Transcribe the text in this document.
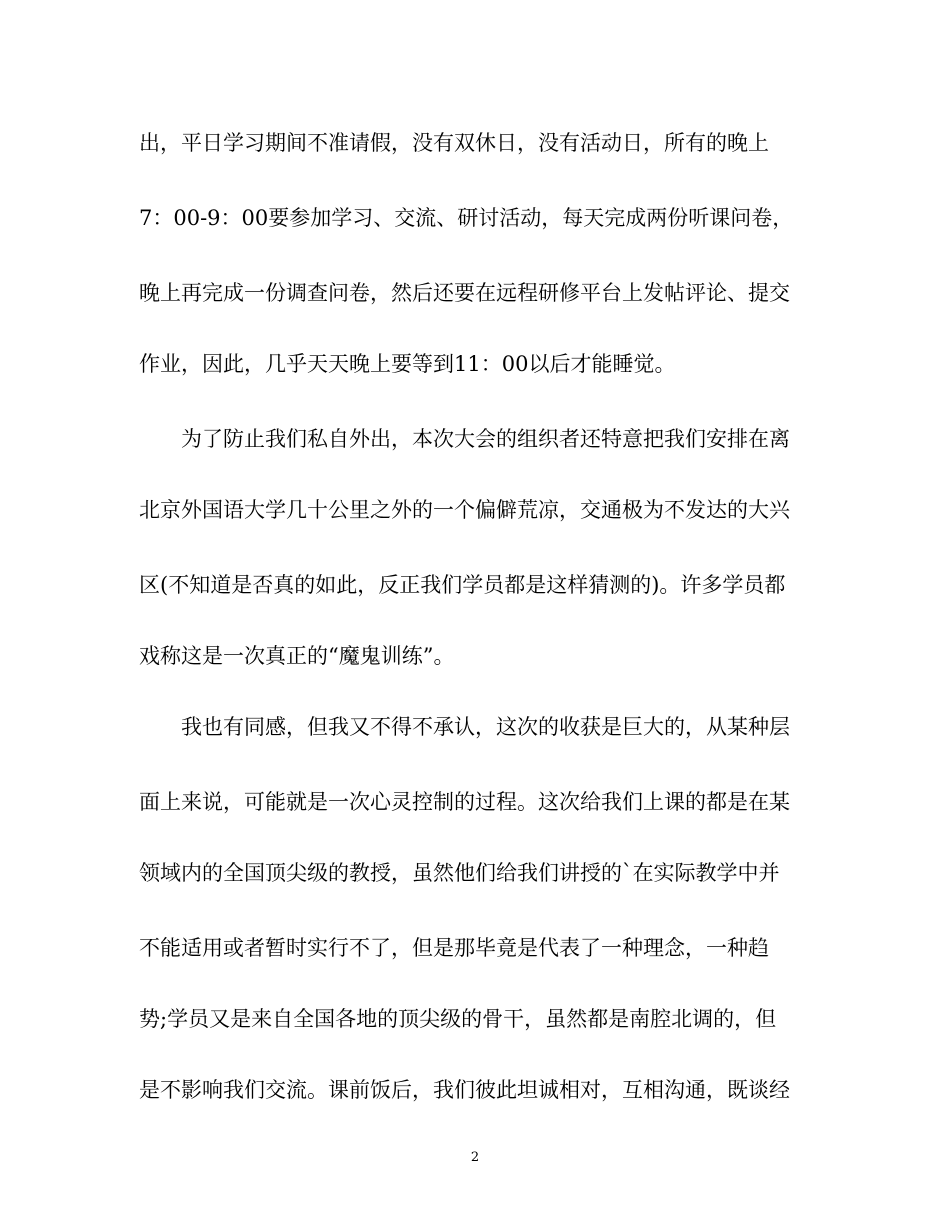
出，平日学习期间不准请假，没有双休日，没有活动日，所有的晚上
7：00-9：00要参加学习、交流、研讨活动，每天完成两份听课问卷，
晚上再完成一份调查问卷，然后还要在远程研修平台上发帖评论、提交
作业，因此，几乎天天晚上要等到11：00以后才能睡觉。
为了防止我们私自外出，本次大会的组织者还特意把我们安排在离
北京外国语大学几十公里之外的一个偏僻荒凉，交通极为不发达的大兴
区(不知道是否真的如此，反正我们学员都是这样猜测的)。许多学员都
戏称这是一次真正的“魔鬼训练”。
我也有同感，但我又不得不承认，这次的收获是巨大的，从某种层
面上来说，可能就是一次心灵控制的过程。这次给我们上课的都是在某
领域内的全国顶尖级的教授，虽然他们给我们讲授的`在实际教学中并
不能适用或者暂时实行不了，但是那毕竟是代表了一种理念，一种趋
势;学员又是来自全国各地的顶尖级的骨干，虽然都是南腔北调的，但
是不影响我们交流。课前饭后，我们彼此坦诚相对，互相沟通，既谈经
2
